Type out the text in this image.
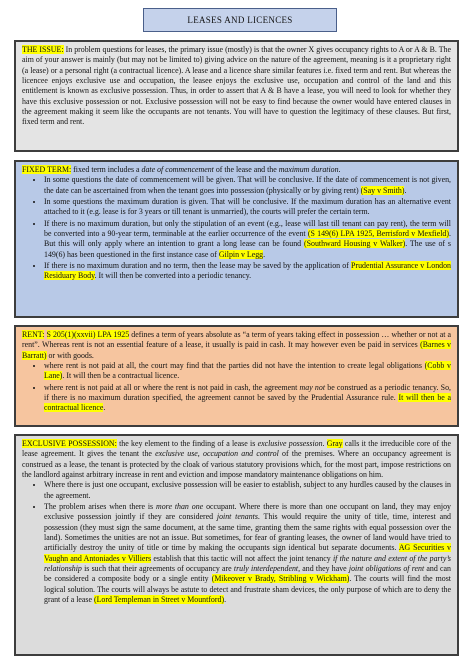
LEASES AND LICENCES

THE ISSUE: In problem questions for leases, the primary issue (mostly) is that the owner X gives occupancy rights to A or A & B. The aim of your answer is mainly (but may not be limited to) giving advice on the nature of the agreement, meaning is it a proprietary right (a lease) or a personal right (a contractual licence). A lease and a licence share similar features i.e. fixed term and rent. But whereas the licencee enjoys exclusive use and occupation, the leasee enjoys the exclusive use, occupation and control of the land and this entitlement is known as exclusive possession. Thus, in order to assert that A & B have a lease, you will need to look for whether they have this exclusive possession or not. Exclusive possession will not be easy to find because the owner would have entered clauses in the agreement making it seem like the occupants are not tenants. You will have to question the legitimacy of these clauses. But first, fixed term and rent.

FIXED TERM: fixed term includes a date of commencement of the lease and the maximum duration.

• In some questions the date of commencement will be given. That will be conclusive. If the date of commencement is not given, the date can be ascertained from when the tenant goes into possession (physically or by giving rent) (Say v Smith).
• In some questions the maximum duration is given. That will be conclusive. If the maximum duration has an alternative event attached to it (e.g. lease is for 3 years or till tenant is unmarried), the courts will prefer the certain term.
• If there is no maximum duration, but only the stipulation of an event (e.g., lease will last till tenant can pay rent), the term will be converted into a 90-year term, terminable at the earlier occurrence of the event (S 149(6) LPA 1925, Berrisford v Mexfield). But this will only apply where an intention to grant a long lease can be found (Southward Housing v Walker). The use of s 149(6) has been questioned in the first instance case of Gilpin v Legg.
• If there is no maximum duration and no term, then the lease may be saved by the application of Prudential Assurance v London Residuary Body. It will then be converted into a periodic tenancy.

RENT: S 205(1)(xxvii) LPA 1925 defines a term of years absolute as “a term of years taking effect in possession … whether or not at a rent”. Whereas rent is not an essential feature of a lease, it usually is paid in cash. It may however even be paid in services (Barnes v Barratt) or with goods.

• where rent is not paid at all, the court may find that the parties did not have the intention to create legal obligations (Cobb v Lane). It will then be a contractual licence.
• where rent is not paid at all or where the rent is not paid in cash, the agreement may not be construed as a periodic tenancy. So, if there is no maximum duration specified, the agreement cannot be saved by the Prudential Assurance rule. It will then be a contractual licence.

EXCLUSIVE POSSESSION: the key element to the finding of a lease is exclusive possession. Gray calls it the irreducible core of the lease agreement. It gives the tenant the exclusive use, occupation and control of the premises. Where an occupancy agreement is construed as a lease, the tenant is protected by the cloak of various statutory provisions which, for the most part, impose restrictions on the landlord against arbitrary increase in rent and eviction and impose mandatory maintenance obligations on him.

• Where there is just one occupant, exclusive possession will be easier to establish, subject to any hurdles caused by the clauses in the agreement.
• The problem arises when there is more than one occupant. Where there is more than one occupant on land, they may enjoy exclusive possession jointly if they are considered joint tenants. This would require the unity of title, time, interest and possession (they must sign the same document, at the same time, granting them the same rights with equal possession over the land). Sometimes the unities are not an issue. But sometimes, for fear of granting leases, the owner of land would have tried to artificially destroy the unity of title or time by making the occupants sign identical but separate documents. AG Securities v Vaughn and Antoniades v Villiers establish that this tactic will not affect the joint tenancy if the nature and extent of the party’s relationship is such that their agreements of occupancy are truly interdependent, and they have joint obligations of rent and can be considered a composite body or a single entity (Mikeover v Brady, Stribling v Wickham). The courts will find the most logical solution. The courts will always be astute to detect and frustrate sham devices, the only purpose of which are to deny the grant of a lease (Lord Templeman in Street v Mountford).
